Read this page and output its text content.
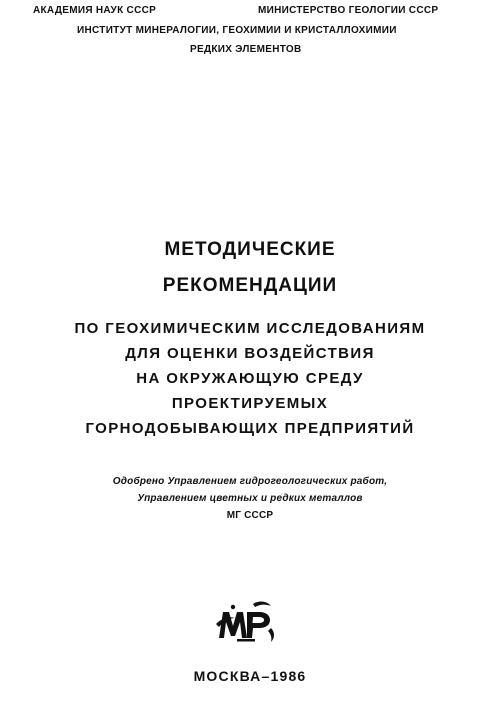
АКАДЕМИЯ НАУК СССР	МИНИСТЕРСТВО ГЕОЛОГИИ СССР
ИНСТИТУТ МИНЕРАЛОГИИ, ГЕОХИМИИ И КРИСТАЛЛОХИМИИ
РЕДКИХ ЭЛЕМЕНТОВ
МЕТОДИЧЕСКИЕ
РЕКОМЕНДАЦИИ
ПО ГЕОХИМИЧЕСКИМ ИССЛЕДОВАНИЯМ
ДЛЯ ОЦЕНКИ ВОЗДЕЙСТВИЯ
НА ОКРУЖАЮЩУЮ СРЕДУ
ПРОЕКТИРУЕМЫХ
ГОРНОДОБЫВАЮЩИХ ПРЕДПРИЯТИЙ
Одобрено Управлением гидрогеологических работ,
Управлением цветных и редких металлов
МГ СССР
МОСКВА–1986
